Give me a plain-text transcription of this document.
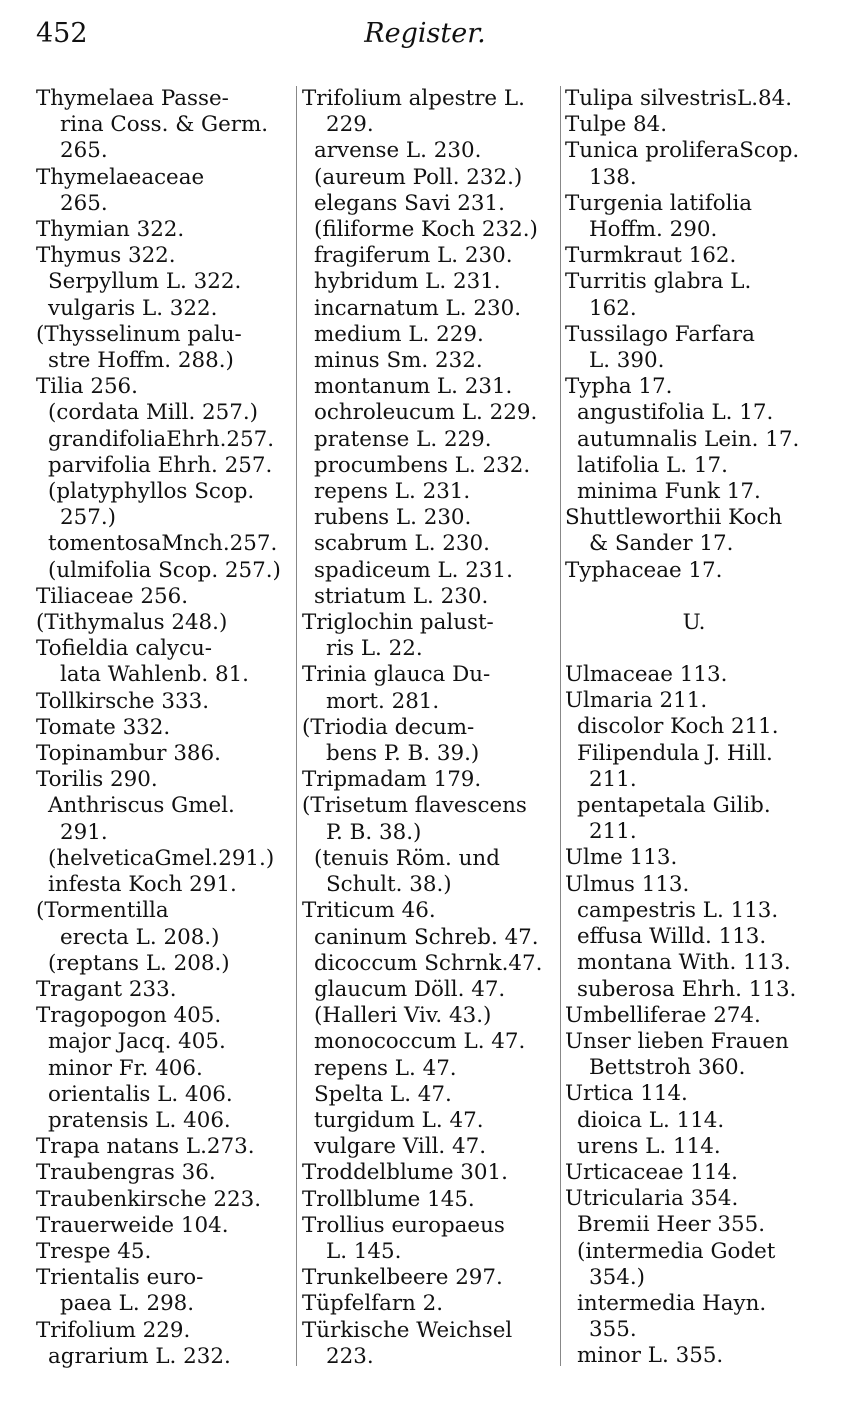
452	Register.
Thymelaea Passe-
rina Coss. & Germ.
265.
Thymelaeaceae
265.
Thymian 322.
Thymus 322.
Serpyllum L. 322.
vulgaris L. 322.
(Thysselinum palu-
stre Hoffm. 288.)
Tilia 256.
(cordata Mill. 257.)
grandifoliaEhrh.257.
parvifolia Ehrh. 257.
(platyphyllos Scop.
257.)
tomentosaMnch.257.
(ulmifolia Scop. 257.)
Tiliaceae 256.
(Tithymalus 248.)
Tofieldia calycu-
lata Wahlenb. 81.
Tollkirsche 333.
Tomate 332.
Topinambur 386.
Torilis 290.
Anthriscus Gmel.
291.
(helveticaGmel.291.)
infesta Koch 291.
(Tormentilla
erecta L. 208.)
(reptans L. 208.)
Tragant 233.
Tragopogon 405.
major Jacq. 405.
minor Fr. 406.
orientalis L. 406.
pratensis L. 406.
Trapa natans L.273.
Traubengras 36.
Traubenkirsche 223.
Trauerweide 104.
Trespe 45.
Trientalis euro-
paea L. 298.
Trifolium 229.
agrarium L. 232.
Trifolium alpestre L.
229.
arvense L. 230.
(aureum Poll. 232.)
elegans Savi 231.
(filiforme Koch 232.)
fragiferum L. 230.
hybridum L. 231.
incarnatum L. 230.
medium L. 229.
minus Sm. 232.
montanum L. 231.
ochroleucum L. 229.
pratense L. 229.
procumbens L. 232.
repens L. 231.
rubens L. 230.
scabrum L. 230.
spadiceum L. 231.
striatum L. 230.
Triglochin palust-
ris L. 22.
Trinia glauca Du-
mort. 281.
(Triodia decum-
bens P. B. 39.)
Tripmadam 179.
(Trisetum flavescens
P. B. 38.)
(tenuis Röm. und
Schult. 38.)
Triticum 46.
caninum Schreb. 47.
dicoccum Schrnk.47.
glaucum Döll. 47.
(Halleri Viv. 43.)
monococcum L. 47.
repens L. 47.
Spelta L. 47.
turgidum L. 47.
vulgare Vill. 47.
Troddelblume 301.
Trollblume 145.
Trollius europaeus
L. 145.
Trunkelbeere 297.
Tüpfelfarn 2.
Türkische Weichsel
223.
Tulipa silvestrisL.84.
Tulpe 84.
Tunica proliferaScop.
138.
Turgenia latifolia
Hoffm. 290.
Turmkraut 162.
Turritis glabra L.
162.
Tussilago Farfara
L. 390.
Typha 17.
angustifolia L. 17.
autumnalis Lein. 17.
latifolia L. 17.
minima Funk 17.
Shuttleworthii Koch
& Sander 17.
Typhaceae 17.
U.
Ulmaceae 113.
Ulmaria 211.
discolor Koch 211.
Filipendula J. Hill.
211.
pentapetala Gilib.
211.
Ulme 113.
Ulmus 113.
campestris L. 113.
effusa Willd. 113.
montana With. 113.
suberosa Ehrh. 113.
Umbelliferae 274.
Unser lieben Frauen
Bettstroh 360.
Urtica 114.
dioica L. 114.
urens L. 114.
Urticaceae 114.
Utricularia 354.
Bremii Heer 355.
(intermedia Godet
354.)
intermedia Hayn.
355.
minor L. 355.
